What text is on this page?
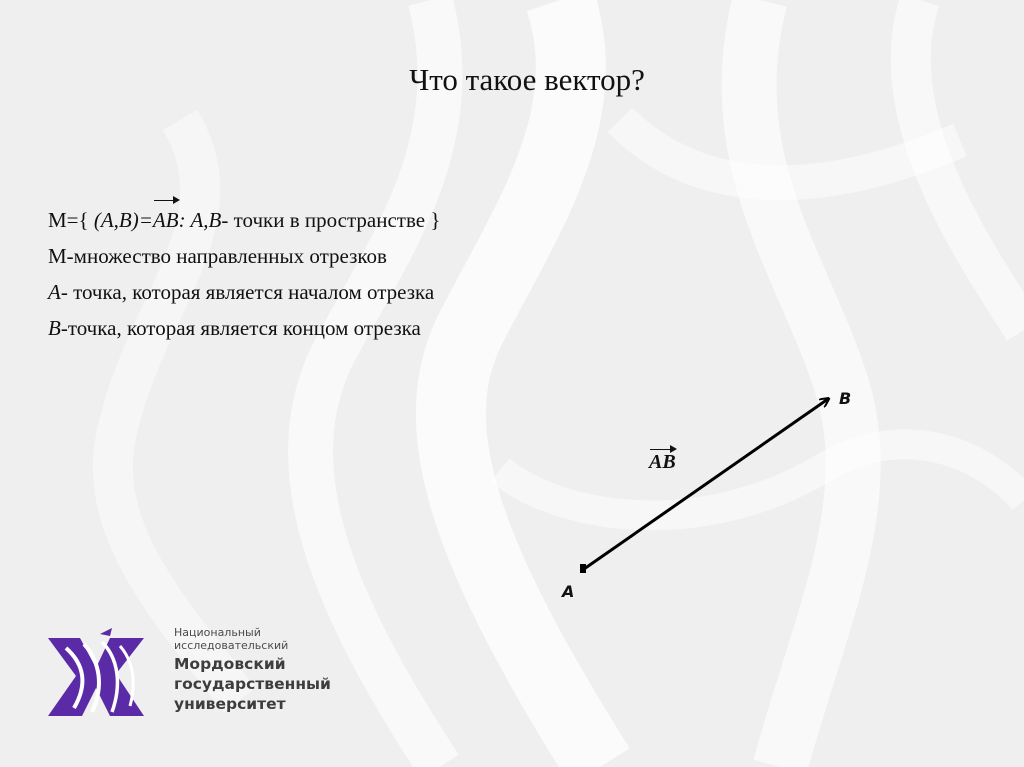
Что такое вектор?
M={ (A,B)=AB: A,B- точки в пространстве }
M-множество направленных отрезков
A- точка, которая является началом отрезка
B-точка, которая является концом отрезка
B
A
AB
Национальный
исследовательский
Мордовский
государственный
университет
